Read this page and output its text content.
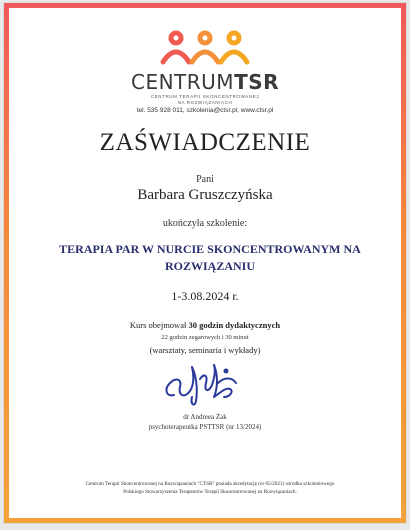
CENTRUMTSR
CENTRUM TERAPII SKONCENTROWANEJ
NA ROZWIĄZANIACH
tel. 535 928 011, szkolenia@ctsr.pl, www.ctsr.pl
ZAŚWIADCZENIE
Pani
Barbara Gruszczyńska
ukończyła szkolenie:
TERAPIA PAR W NURCIE SKONCENTROWANYM NA
ROZWIĄZANIU
1-3.08.2024 r.
Kurs obejmował 30 godzin dydaktycznych
22 godzin zegarowych i 30 minut
(warsztaty, seminaria i wykłady)
dr Andreea Żak
psychoterapeutka PSTTSR (nr 13/2024)
Centrum Terapii Skoncentrowanej na Rozwiązaniach "CTSR" posiada akredytację (nr 05/2021) ośrodka szkoleniowego
Polskiego Stowarzyszenia Terapeutów Terapii Skoncentrowanej na Rozwiązaniach.
